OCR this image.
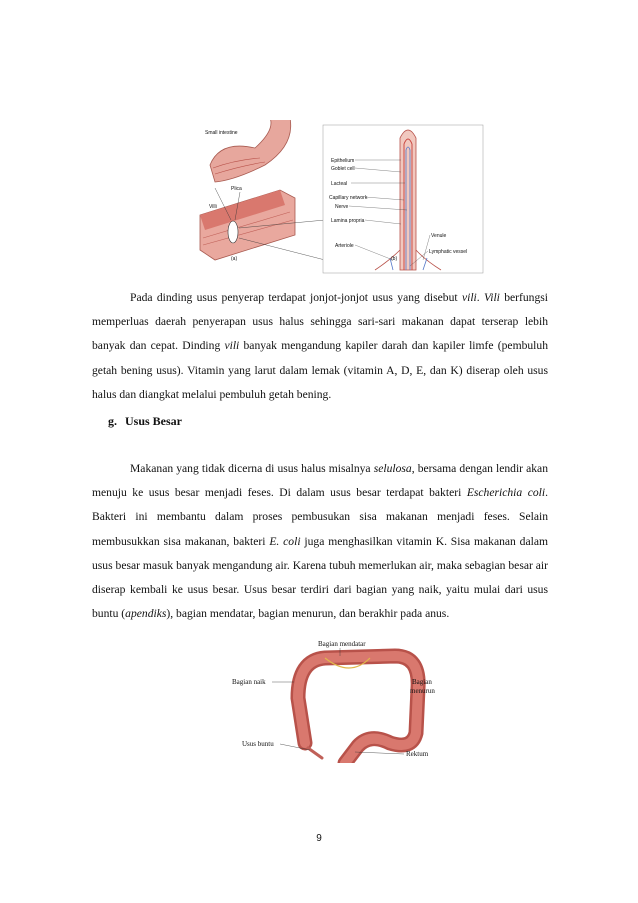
Small intestine
Plica
Villi
(a)
Epithelium
Goblet cell
Lacteal
Capillary network
Nerve
Lamina propria
Arteriole
Venule
Lymphatic vessel
(b)

Pada dinding usus penyerap terdapat jonjot-jonjot usus yang disebut vili. Vili berfungsi memperluas daerah penyerapan usus halus sehingga sari-sari makanan dapat terserap lebih banyak dan cepat. Dinding vili banyak mengandung kapiler darah dan kapiler limfe (pembuluh getah bening usus). Vitamin yang larut dalam lemak (vitamin A, D, E, dan K) diserap oleh usus halus dan diangkat melalui pembuluh getah bening.

g. Usus Besar

Makanan yang tidak dicerna di usus halus misalnya selulosa, bersama dengan lendir akan menuju ke usus besar menjadi feses. Di dalam usus besar terdapat bakteri Escherichia coli. Bakteri ini membantu dalam proses pembusukan sisa makanan menjadi feses. Selain membusukkan sisa makanan, bakteri E. coli juga menghasilkan vitamin K. Sisa makanan dalam usus besar masuk banyak mengandung air. Karena tubuh memerlukan air, maka sebagian besar air diserap kembali ke usus besar. Usus besar terdiri dari bagian yang naik, yaitu mulai dari usus buntu (apendiks), bagian mendatar, bagian menurun, dan berakhir pada anus.

Bagian mendatar
Bagian naik	Bagian
menurun
Usus buntu
Rektum
9
